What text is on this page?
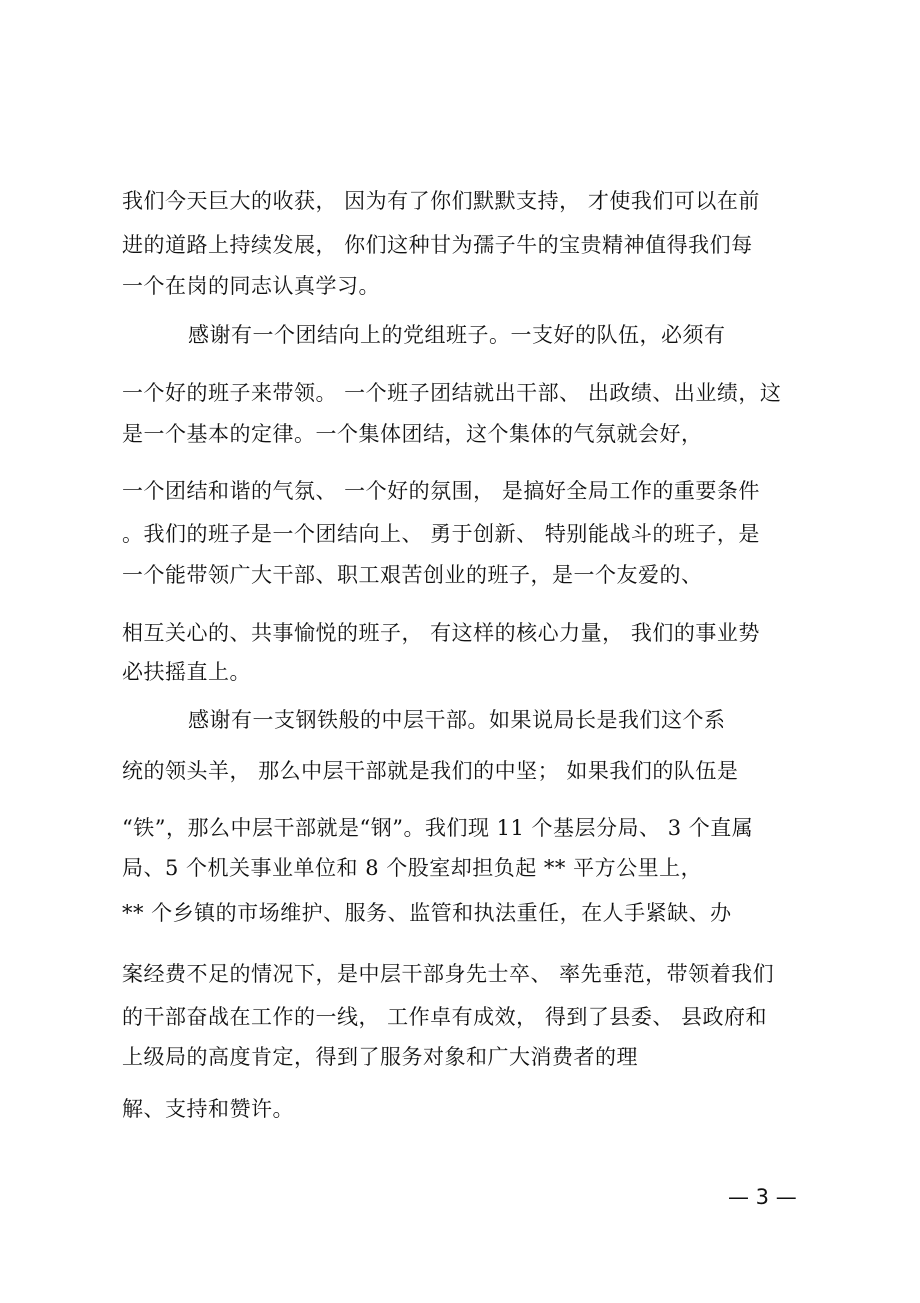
我们今天巨大的收获， 因为有了你们默默支持， 才使我们可以在前
进的道路上持续发展， 你们这种甘为孺子牛的宝贵精神值得我们每
一个在岗的同志认真学习。
感谢有一个团结向上的党组班子。一支好的队伍，必须有
一个好的班子来带领。 一个班子团结就出干部、 出政绩、出业绩，这
是一个基本的定律。一个集体团结，这个集体的气氛就会好，
一个团结和谐的气氛、 一个好的氛围， 是搞好全局工作的重要条件
。我们的班子是一个团结向上、 勇于创新、 特别能战斗的班子，是
一个能带领广大干部、职工艰苦创业的班子，是一个友爱的、
相互关心的、共事愉悦的班子， 有这样的核心力量， 我们的事业势
必扶摇直上。
感谢有一支钢铁般的中层干部。如果说局长是我们这个系
统的领头羊， 那么中层干部就是我们的中坚； 如果我们的队伍是
“铁”，那么中层干部就是“钢”。我们现 11 个基层分局、 3 个直属
局、5 个机关事业单位和 8 个股室却担负起 ** 平方公里上，
** 个乡镇的市场维护、服务、监管和执法重任，在人手紧缺、办
案经费不足的情况下，是中层干部身先士卒、 率先垂范，带领着我们
的干部奋战在工作的一线， 工作卓有成效， 得到了县委、 县政府和
上级局的高度肯定，得到了服务对象和广大消费者的理
解、支持和赞许。
— 3 —
